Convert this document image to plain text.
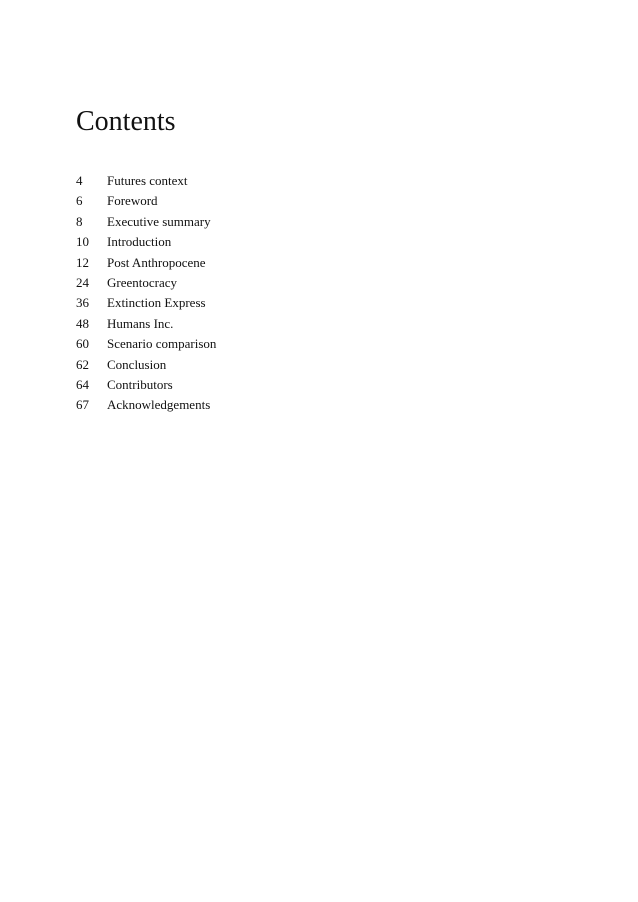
Contents
4	Futures context
6	Foreword
8	Executive summary
10	Introduction
12	Post Anthropocene
24	Greentocracy
36	Extinction Express
48	Humans Inc.
60	Scenario comparison
62	Conclusion
64	Contributors
67	Acknowledgements
